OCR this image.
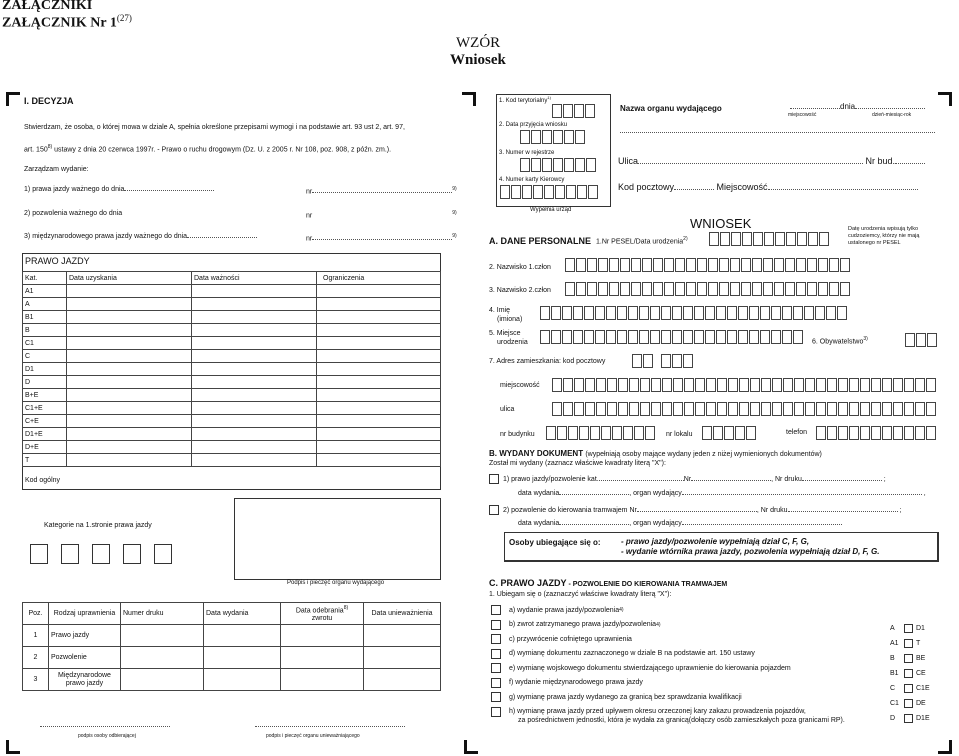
ZAŁĄCZNIKI
ZAŁĄCZNIK Nr 1$^{(27)}$
WZÓR
Wniosek
I. DECYZJA
Stwierdzam, że osoba, o której mowa w dziale A, spełnia określone przepisami wymogi i na podstawie art. 93 ust 2, art. 97,
art. 150$^{8)}$ ustawy z dnia 20 czerwca 1997r. - Prawo o ruchu drogowym (Dz. U. z 2005 r. Nr 108, poz. 908, z późn. zm.).
Zarządzam wydanie:
1) prawa jazdy ważnego do dnia	nr	$^{9)}$
2) pozwolenia ważnego do dnia	nr	$^{9)}$
3) międzynarodowego prawa jazdy ważnego do dnia	nr	$^{9)}$
PRAWO JAZDY
Kat.	Data uzyskania	Data ważności	Ograniczenia
A1			
A			
B1			
B			
C1			
C			
D1			
D			
B+E			
C1+E			
C+E			
D1+E			
D+E			
T			
Kod ogólny
Kategorie na 1.stronie prawa jazdy
Podpis i pieczęć organu wydającego
Poz.	Rodzaj uprawnienia	Numer druku	Data wydania	Data odebrania$^{8)}$
zwrotu	Data unieważnienia
1	Prawo jazdy				
2	Pozwolenie				
3	Międzynarodowe prawo jazdy				
podpis osoby odbierającej	podpis i pieczęć organu unieważniającego
1. Kod terytorialny$^{1)}$
2. Data przyjęcia wniosku
3. Numer w rejestrze
4. Numer karty Kierowcy
Wypełnia urząd
Nazwa organu wydającego	dnia
miejscowość	dzień-miesiąc-rok
Ulica	Nr bud.
Kod pocztowy	Miejscowość
WNIOSEK
A. DANE PERSONALNE 1.Nr PESEL/Data urodzenia$^{2)}$
Datę urodzenia wpisują tylko cudzoziemcy, którzy nie mają ustalonego nr PESEL
2. Nazwisko 1.człon
3. Nazwisko 2.człon
4. Imię
(imiona)
5. Miejsce
urodzenia	6. Obywatelstwo$^{3)}$
7. Adres zamieszkania: kod pocztowy
miejscowość
ulica
nr budynku	nr lokalu	telefon
B. WYDANY DOKUMENT (wypełniają osoby mające wydany jeden z niżej wymienionych dokumentów)
Został mi wydany (zaznacz właściwe kwadraty literą "X"):
1) prawo jazdy/pozwolenie kat.	Nr	, Nr druku	;
data wydania	, organ wydający	,
2) pozwolenie do kierowania tramwajem Nr	, Nr druku	;
data wydania	, organ wydający
Osoby ubiegające się o:	- prawo jazdy/pozwolenie wypełniają dział C, F, G,
- wydanie wtórnika prawa jazdy, pozwolenia wypełniają dział D, F, G.
C. PRAWO JAZDY - POZWOLENIE DO KIEROWANIA TRAMWAJEM
1. Ubiegam się o (zaznaczyć właściwe kwadraty literą "X"):
a) wydanie prawa jazdy/pozwolenia 4)
b) zwrot zatrzymanego prawa jazdy/pozwolenia 4)
c) przywrócenie cofniętego uprawnienia
d) wymianę dokumentu zaznaczonego w dziale B na podstawie art. 150 ustawy
e) wymianę wojskowego dokumentu stwierdzającego uprawnienie do kierowania pojazdem
f) wydanie międzynarodowego prawa jazdy
g) wymianę prawa jazdy wydanego za granicą bez sprawdzania kwalifikacji
h) wymianę prawa jazdy przed upływem okresu orzeczonej kary zakazu prowadzenia pojazdów,
za pośrednictwem jednostki, która je wydała za granicą(dołączy osób zamieszkałych poza granicami RP).
A	D1
A1	T
B	BE
B1	CE
C	C1E
C1	DE
D	D1E
